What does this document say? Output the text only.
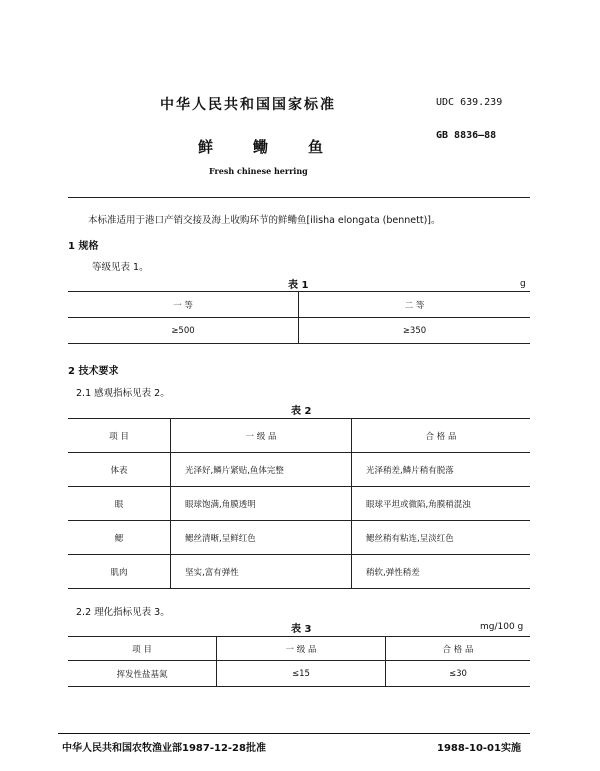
中华人民共和国国家标准	UDC 639.239
鲜鳓鱼
GB 8836—88
Fresh chinese herring
本标准适用于港口产销交接及海上收购环节的鲜鳓鱼[ilisha elongata (bennett)]。
1 规格
等级见表 1。
表 1	g
一 等	二 等
≥500	≥350
2 技术要求
2.1 感观指标见表 2。
表 2
项 目	一 级 品	合 格 品
体表	光泽好,鳞片紧贴,鱼体完整	光泽稍差,鳞片稍有脱落
眼	眼球饱满,角膜透明	眼球平坦或微陷,角膜稍混浊
鳃	鳃丝清晰,呈鲜红色	鳃丝稍有粘连,呈淡红色
肌肉	坚实,富有弹性	稍软,弹性稍差
2.2 理化指标见表 3。
表 3	mg/100 g
项 目	一 级 品	合 格 品
挥发性盐基氮	≤15	≤30
中华人民共和国农牧渔业部1987-12-28批准	1988-10-01实施
